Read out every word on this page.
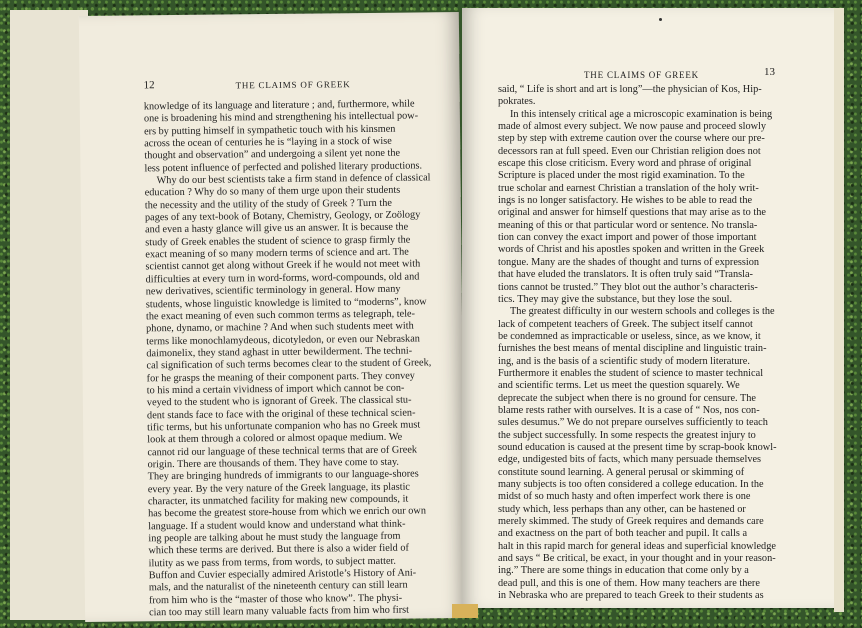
12	THE CLAIMS OF GREEK
knowledge of its language and literature ; and, furthermore, while
one is broadening his mind and strengthening his intellectual pow-
ers by putting himself in sympathetic touch with his kinsmen
across the ocean of centuries he is “laying in a stock of wise
thought and observation” and undergoing a silent yet none the
less potent influence of perfected and polished literary productions.
Why do our best scientists take a firm stand in defence of classical
education ? Why do so many of them urge upon their students
the necessity and the utility of the study of Greek ? Turn the
pages of any text-book of Botany, Chemistry, Geology, or Zoölogy
and even a hasty glance will give us an answer. It is because the
study of Greek enables the student of science to grasp firmly the
exact meaning of so many modern terms of science and art. The
scientist cannot get along without Greek if he would not meet with
difficulties at every turn in word-forms, word-compounds, old and
new derivatives, scientific terminology in general. How many
students, whose linguistic knowledge is limited to “moderns”, know
the exact meaning of even such common terms as telegraph, tele-
phone, dynamo, or machine ? And when such students meet with
terms like monochlamydeous, dicotyledon, or even our Nebraskan
daimonelix, they stand aghast in utter bewilderment. The techni-
cal signification of such terms becomes clear to the student of Greek,
for he grasps the meaning of their component parts. They convey
to his mind a certain vividness of import which cannot be con-
veyed to the student who is ignorant of Greek. The classical stu-
dent stands face to face with the original of these technical scien-
tific terms, but his unfortunate companion who has no Greek must
look at them through a colored or almost opaque medium. We
cannot rid our language of these technical terms that are of Greek
origin. There are thousands of them. They have come to stay.
They are bringing hundreds of immigrants to our language-shores
every year. By the very nature of the Greek language, its plastic
character, its unmatched facility for making new compounds, it
has become the greatest store-house from which we enrich our own
language. If a student would know and understand what think-
ing people are talking about he must study the language from
which these terms are derived. But there is also a wider field of
ilutity as we pass from terms, from words, to subject matter.
Buffon and Cuvier especially admired Aristotle’s History of Ani-
mals, and the naturalist of the nineteenth century can still learn
from him who is the “master of those who know”. The physi-
cian too may still learn many valuable facts from him who first
THE CLAIMS OF GREEK	13
said, “ Life is short and art is long”—the physician of Kos, Hip-
pokrates.
In this intensely critical age a microscopic examination is being
made of almost every subject. We now pause and proceed slowly
step by step with extreme caution over the course where our pre-
decessors ran at full speed. Even our Christian religion does not
escape this close criticism. Every word and phrase of original
Scripture is placed under the most rigid examination. To the
true scholar and earnest Christian a translation of the holy writ-
ings is no longer satisfactory. He wishes to be able to read the
original and answer for himself questions that may arise as to the
meaning of this or that particular word or sentence. No transla-
tion can convey the exact import and power of those important
words of Christ and his apostles spoken and written in the Greek
tongue. Many are the shades of thought and turns of expression
that have eluded the translators. It is often truly said “Transla-
tions cannot be trusted.” They blot out the author’s characteris-
tics. They may give the substance, but they lose the soul.
The greatest difficulty in our western schools and colleges is the
lack of competent teachers of Greek. The subject itself cannot
be condemned as impracticable or useless, since, as we know, it
furnishes the best means of mental discipline and linguistic train-
ing, and is the basis of a scientific study of modern literature.
Furthermore it enables the student of science to master technical
and scientific terms. Let us meet the question squarely. We
deprecate the subject when there is no ground for censure. The
blame rests rather with ourselves. It is a case of “ Nos, nos con-
sules desumus.” We do not prepare ourselves sufficiently to teach
the subject successfully. In some respects the greatest injury to
sound education is caused at the present time by scrap-book knowl-
edge, undigested bits of facts, which many persuade themselves
constitute sound learning. A general perusal or skimming of
many subjects is too often considered a college education. In the
midst of so much hasty and often imperfect work there is one
study which, less perhaps than any other, can be hastened or
merely skimmed. The study of Greek requires and demands care
and exactness on the part of both teacher and pupil. It calls a
halt in this rapid march for general ideas and superficial knowledge
and says “ Be critical, be exact, in your thought and in your reason-
ing.” There are some things in education that come only by a
dead pull, and this is one of them. How many teachers are there
in Nebraska who are prepared to teach Greek to their students as
